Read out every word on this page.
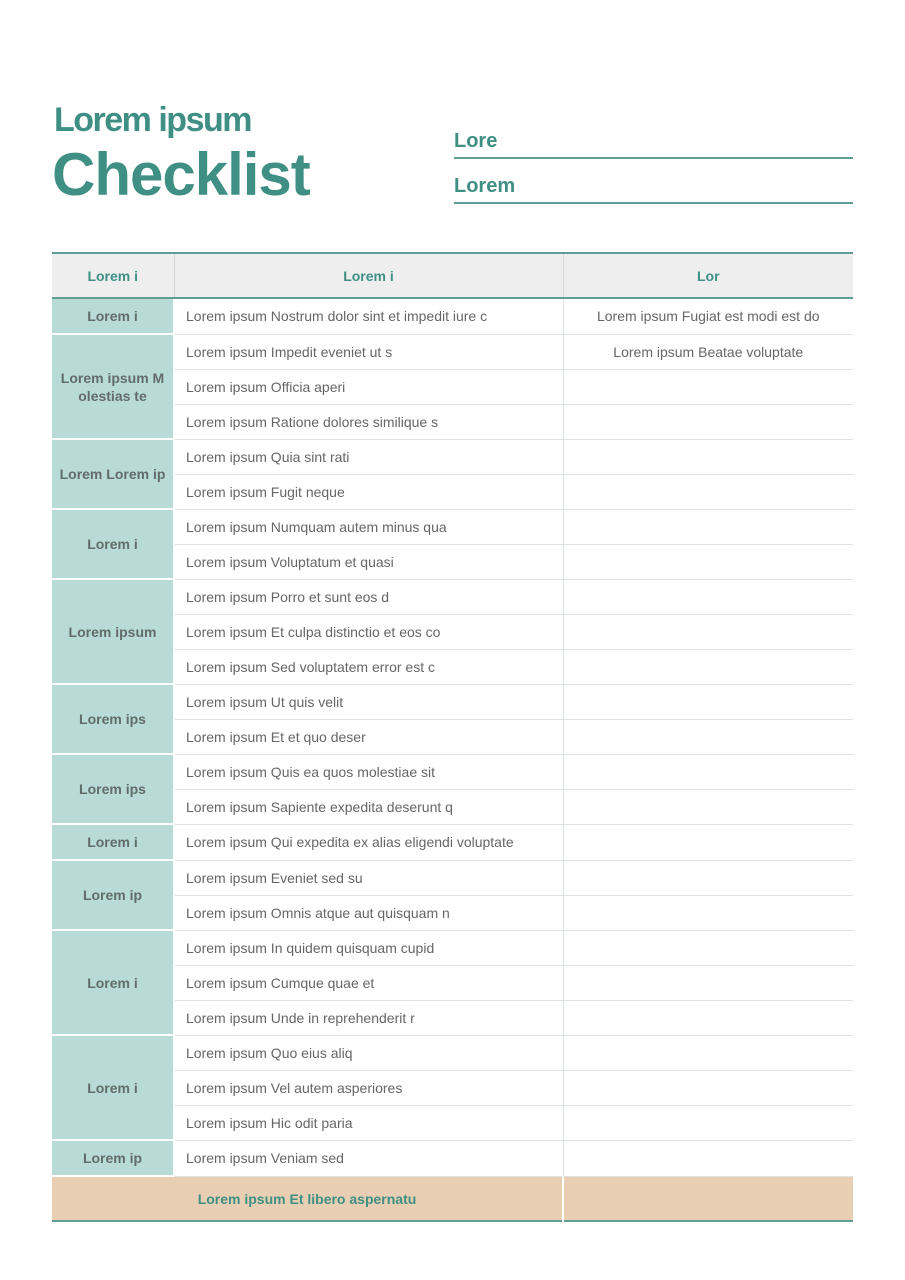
Lorem ipsum
Checklist	Lore
Lorem
Lorem i	Lorem i	Lor
Lorem i	Lorem ipsum Nostrum dolor sint et impedit iure c	Lorem ipsum Fugiat est modi est do
Lorem ipsum M olestias te	Lorem ipsum Impedit eveniet ut s	Lorem ipsum Beatae voluptate
	Lorem ipsum Officia aperi	
	Lorem ipsum Ratione dolores similique s	
Lorem Lorem ip	Lorem ipsum Quia sint rati	
	Lorem ipsum Fugit neque	
Lorem i	Lorem ipsum Numquam autem minus qua	
	Lorem ipsum Voluptatum et quasi	
Lorem ipsum	Lorem ipsum Porro et sunt eos d	
	Lorem ipsum Et culpa distinctio et eos co	
	Lorem ipsum Sed voluptatem error est c	
Lorem ips	Lorem ipsum Ut quis velit	
	Lorem ipsum Et et quo deser	
Lorem ips	Lorem ipsum Quis ea quos molestiae sit	
	Lorem ipsum Sapiente expedita deserunt q	
Lorem i	Lorem ipsum Qui expedita ex alias eligendi voluptate	
Lorem ip	Lorem ipsum Eveniet sed su	
	Lorem ipsum Omnis atque aut quisquam n	
Lorem i	Lorem ipsum In quidem quisquam cupid	
	Lorem ipsum Cumque quae et	
	Lorem ipsum Unde in reprehenderit r	
Lorem i	Lorem ipsum Quo eius aliq	
	Lorem ipsum Vel autem asperiores	
	Lorem ipsum Hic odit paria	
Lorem ip	Lorem ipsum Veniam sed	
Lorem ipsum Et libero aspernatu		
